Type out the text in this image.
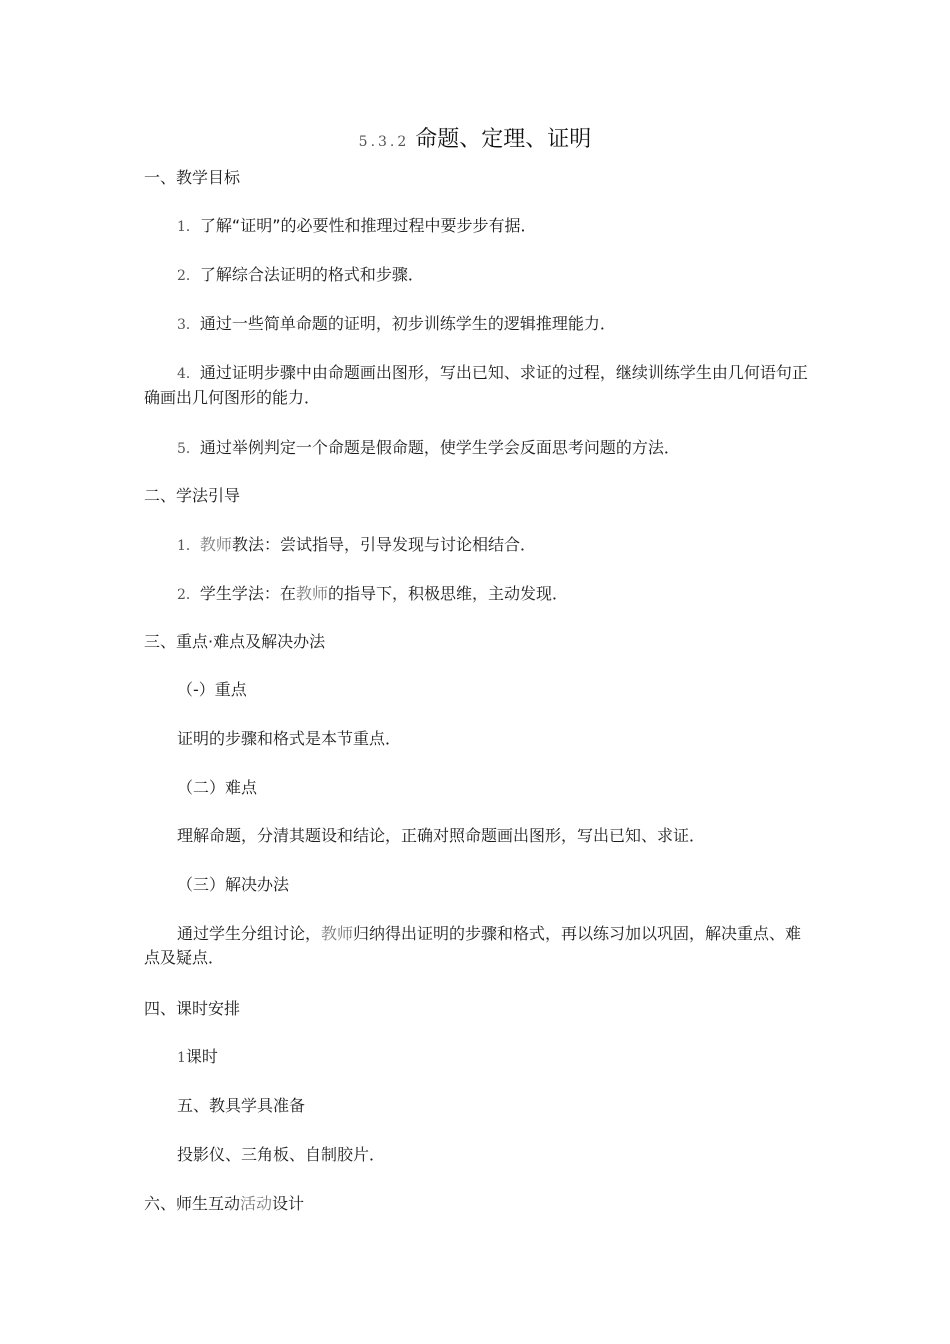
5.3.2 命题、定理、证明
一、教学目标
1．了解“证明”的必要性和推理过程中要步步有据．
2．了解综合法证明的格式和步骤．
3．通过一些简单命题的证明，初步训练学生的逻辑推理能力．
4．通过证明步骤中由命题画出图形，写出已知、求证的过程，继续训练学生由几何语句正确画出几何图形的能力．
5．通过举例判定一个命题是假命题，使学生学会反面思考问题的方法．
二、学法引导
1．教师教法：尝试指导，引导发现与讨论相结合．
2．学生学法：在教师的指导下，积极思维，主动发现．
三、重点·难点及解决办法
（-）重点
证明的步骤和格式是本节重点．
（二）难点
理解命题，分清其题设和结论，正确对照命题画出图形，写出已知、求证．
（三）解决办法
通过学生分组讨论，教师归纳得出证明的步骤和格式，再以练习加以巩固，解决重点、难点及疑点．
四、课时安排
1课时
五、教具学具准备
投影仪、三角板、自制胶片．
六、师生互动活动设计
